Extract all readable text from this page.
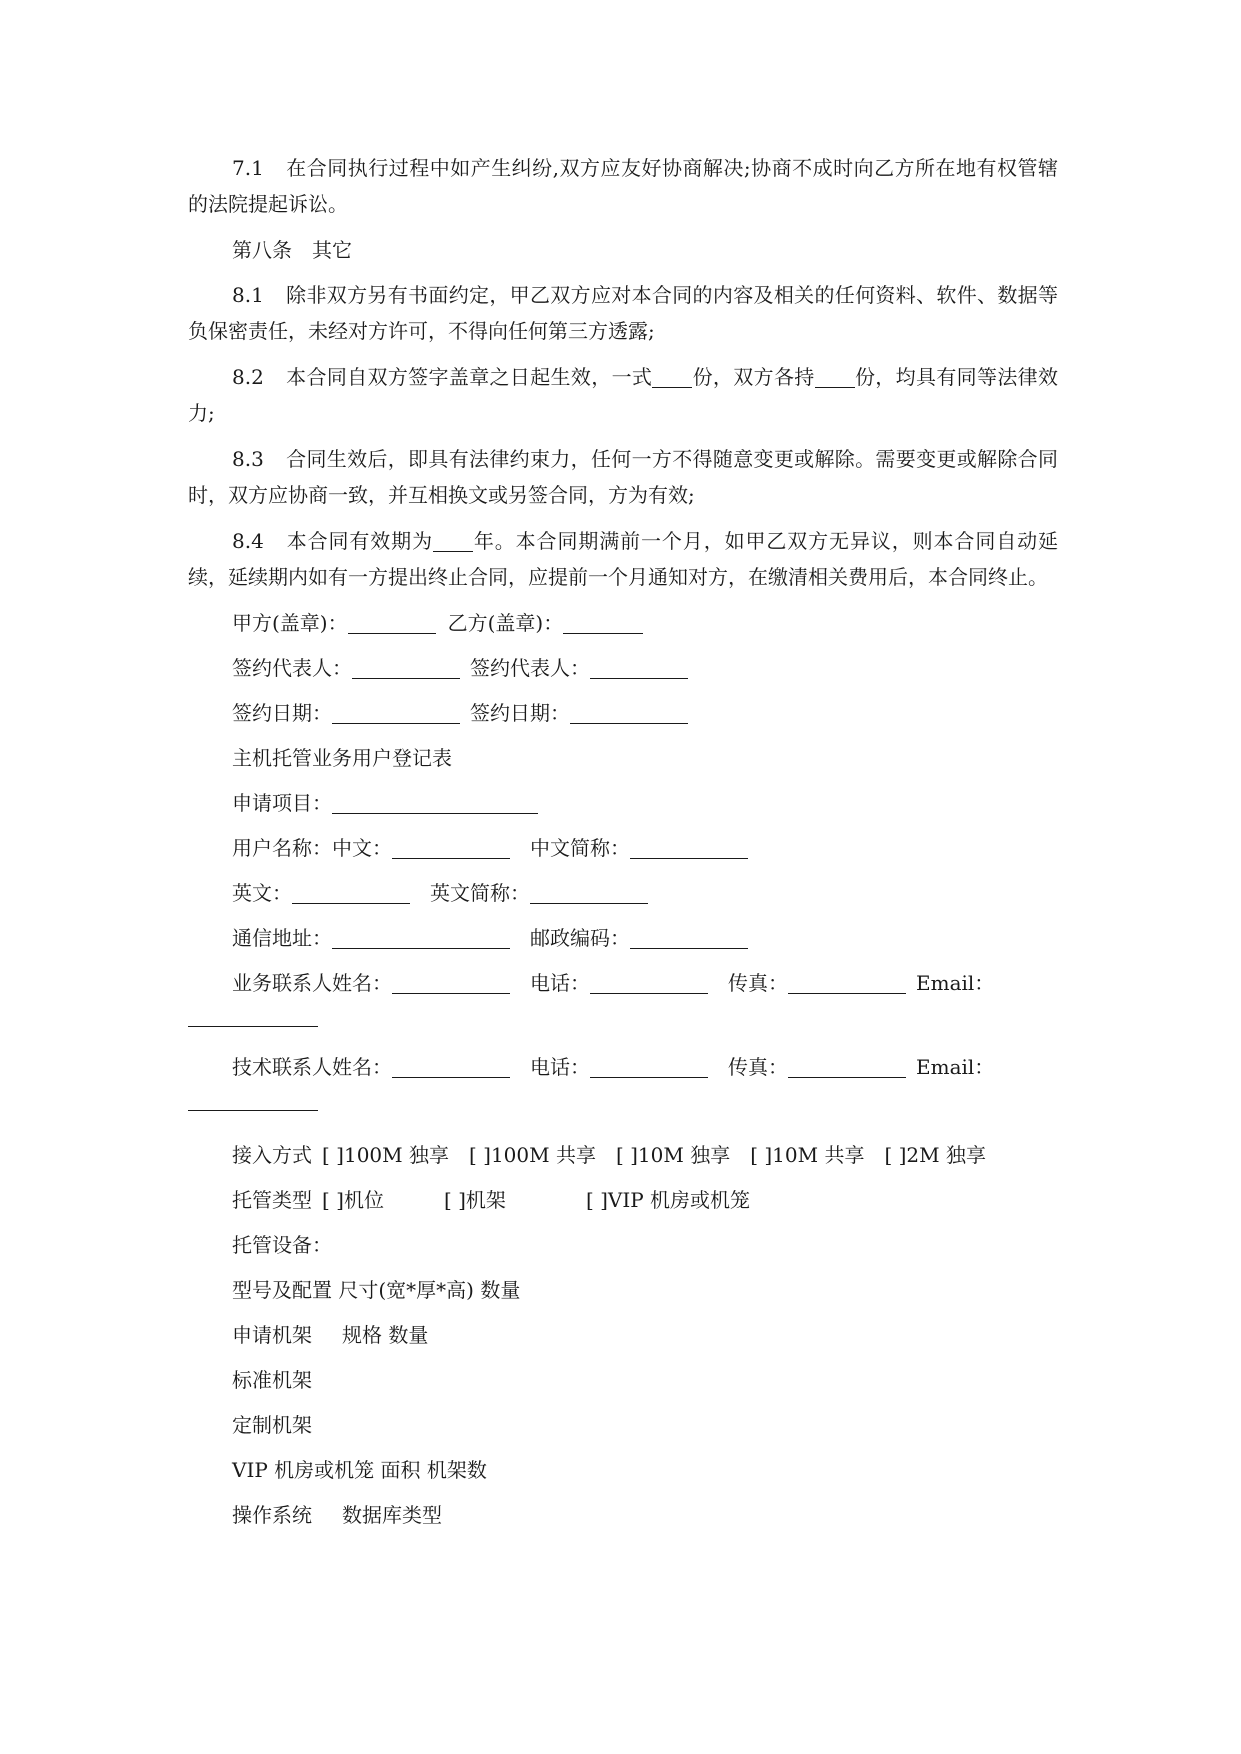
7.1 在合同执行过程中如产生纠纷,双方应友好协商解决;协商不成时向乙方所在地有权管辖的法院提起诉讼。

第八条　其它

8.1 除非双方另有书面约定，甲乙双方应对本合同的内容及相关的任何资料、软件、数据等负保密责任，未经对方许可，不得向任何第三方透露;

8.2 本合同自双方签字盖章之日起生效，一式 份，双方各持 份，均具有同等法律效力;

8.3 合同生效后，即具有法律约束力，任何一方不得随意变更或解除。需要变更或解除合同时，双方应协商一致，并互相换文或另签合同，方为有效;

8.4 本合同有效期为 年。本合同期满前一个月，如甲乙双方无异议，则本合同自动延续，延续期内如有一方提出终止合同，应提前一个月通知对方，在缴清相关费用后，本合同终止。

甲方(盖章)：	乙方(盖章)：
签约代表人：	签约代表人：
签约日期：	签约日期：
主机托管业务用户登记表
申请项目：
用户名称：中文：	中文简称：
英文：	英文简称：
通信地址：	邮政编码：
业务联系人姓名：	电话：	传真：	Email：
技术联系人姓名：	电话：	传真：	Email：
接入方式 [ ]100M 独享 [ ]100M 共享 [ ]10M 独享 [ ]10M 共享 [ ]2M 独享
托管类型 [ ]机位	[ ]机架	[ ]VIP 机房或机笼
托管设备：
型号及配置 尺寸(宽*厚*高) 数量
申请机架 规格 数量
标准机架
定制机架
VIP 机房或机笼 面积 机架数
操作系统 数据库类型
